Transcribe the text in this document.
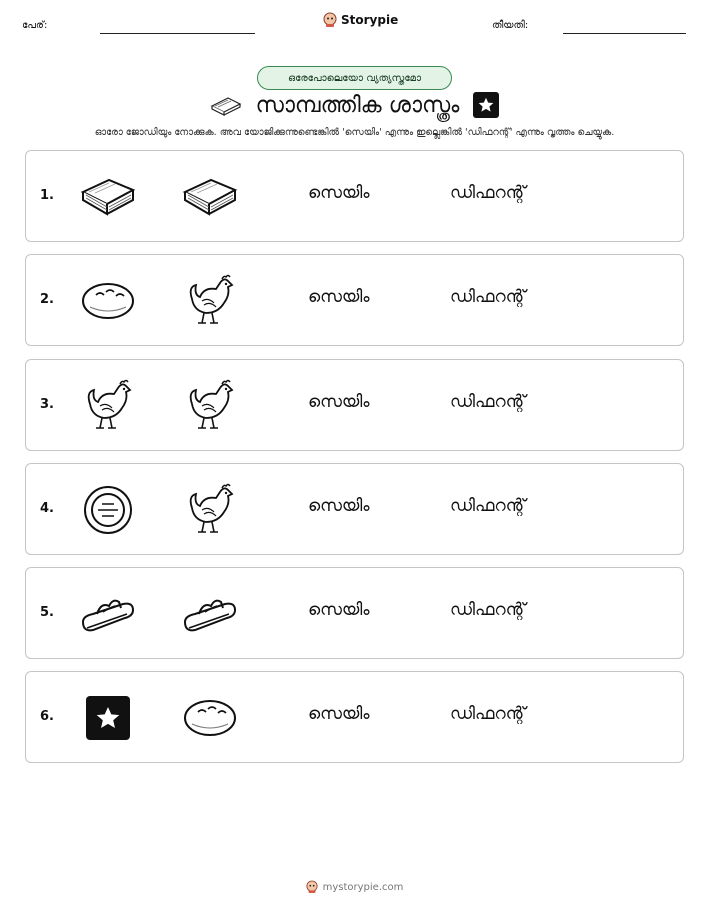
പേര്:	Storypie	തീയതി:
ഒരേപോലെയോ വ്യത്യസ്തമോ
സാമ്പത്തിക ശാസ്ത്രം
ഓരോ ജോഡിയും നോക്കുക. അവ യോജിക്കുന്നുണ്ടെങ്കിൽ 'സെയിം' എന്നും ഇല്ലെങ്കിൽ 'ഡിഫറന്റ്' എന്നും വൃത്തം ചെയ്യുക.
1.	സെയിം	ഡിഫറന്റ്
2.	സെയിം	ഡിഫറന്റ്
3.	സെയിം	ഡിഫറന്റ്
4.	സെയിം	ഡിഫറന്റ്
5.	സെയിം	ഡിഫറന്റ്
6.	സെയിം	ഡിഫറന്റ്
mystorypie.com
